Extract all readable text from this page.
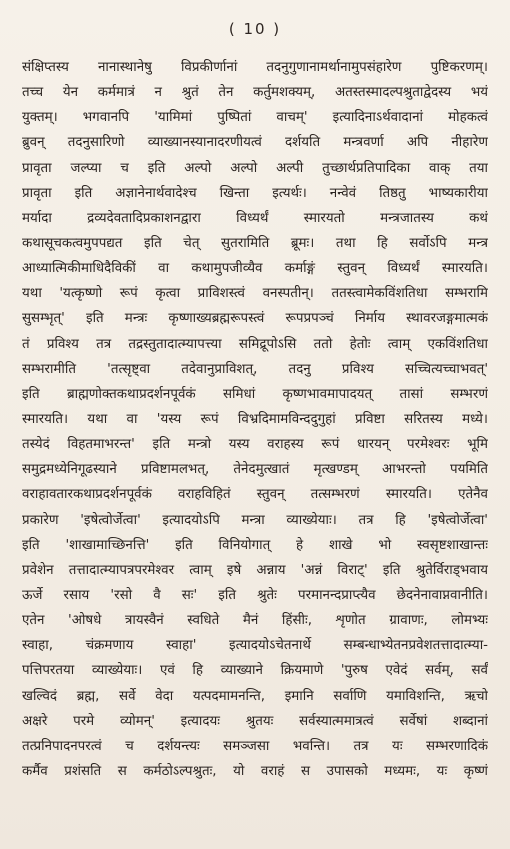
( 10 )
संक्षिप्तस्य नानास्थानेषु विप्रकीर्णानां तदनुगुणानामर्थानामुपसंहारेण पुष्टिकरणम्।
तच्च येन कर्ममात्रं न श्रुतं तेन कर्तुमशक्यम्, अतस्तस्मादल्पश्रुताद्वेदस्य भयं
युक्तम्। भगवानपि 'यामिमां पुष्पितां वाचम्' इत्यादिनाऽर्थवादानां मोहकत्वं
ब्रुवन् तदनुसारिणो व्याख्यानस्यानादरणीयत्वं दर्शयति मन्त्रवर्णा अपि नीहारेण
प्रावृता जल्प्या च इति अल्पो अल्पो अल्पी तुच्छार्थप्रतिपादिका वाक् तया
प्रावृता इति अज्ञानेनार्थवादेश्च खिन्ता इत्यर्थः। नन्वेवं तिष्ठतु भाष्यकारीया
मर्यादा द्रव्यदेवतादिप्रकाशनद्वारा विध्यर्थं स्मारयतो मन्त्रजातस्य कथं
कथासूचकत्वमुपपद्यत इति चेत् सुतरामिति ब्रूमः। तथा हि सर्वोऽपि मन्त्र
आध्यात्मिकीमाधिदैविकीं वा कथामुपजीव्यैव कर्माङ्गं स्तुवन् विध्यर्थं स्मारयति।
यथा 'यत्कृष्णो रूपं कृत्वा प्राविशस्त्वं वनस्पतीन्। ततस्त्वामेकविंशतिधा सम्भरामि
सुसम्भृत्' इति मन्त्रः कृष्णाख्यब्रह्मरूपस्त्वं रूपप्रपञ्चं निर्माय स्थावरजङ्गमात्मकं
तं प्रविश्य तत्र तद्रस्तुतादात्म्यापत्त्या समिद्रूपोऽसि ततो हेतोः त्वाम् एकविंशतिधा
सम्भरामीति 'तत्सृष्ट्वा तदेवानुप्राविशत्, तदनु प्रविश्य सच्चित्यच्चाभवत्'
इति ब्राह्मणोक्तकथाप्रदर्शनपूर्वकं समिधां कृष्णभावमापादयत् तासां सम्भरणं
स्मारयति। यथा वा 'यस्य रूपं विभ्रदिमामविन्ददुगुहां प्रविष्टा सरितस्य मध्ये।
तस्येदं विहतमाभरन्त' इति मन्त्रो यस्य वराहस्य रूपं धारयन् परमेश्वरः भूमि
समुद्रमध्येनिगूढस्याने प्रविष्टामलभत्, तेनेदमुत्खातं मृत्खण्डम् आभरन्तो पयमिति
वराहावतारकथाप्रदर्शनपूर्वकं वराहविहितं स्तुवन् तत्सम्भरणं स्मारयति। एतेनैव
प्रकारेण 'इषेत्वोर्जेत्वा' इत्यादयोऽपि मन्त्रा व्याख्येयाः। तत्र हि 'इषेत्वोर्जेत्वा'
इति 'शाखामाच्छिनत्ति' इति विनियोगात् हे शाखे भो स्वसृष्टशाखान्तः
प्रवेशेन तत्तादात्म्यापत्रपरमेश्वर त्वाम् इषे अन्नाय 'अन्नं विराट्' इति श्रुतेर्विराड्भवाय
ऊर्जे रसाय 'रसो वै सः' इति श्रुतेः परमानन्दप्राप्त्यैव छेदनेनावाप्नवानीति।
एतेन 'ओषधे त्रायस्वैनं स्वधिते मैनं हिंसीः, शृणोत ग्रावाणः, लोमभ्यः
स्वाहा, चंक्रमणाय स्वाहा' इत्यादयोऽचेतनार्थे सम्बन्धाभ्येतनप्रवेशतत्तादात्म्या-
पत्तिपरतया व्याख्येयाः। एवं हि व्याख्याने क्रियमाणे 'पुरुष एवेदं सर्वम्, सर्वं
खल्विदं ब्रह्म, सर्वे वेदा यत्पदमामनन्ति, इमानि सर्वाणि यमाविशन्ति, ऋचो
अक्षरे परमे व्योमन्' इत्यादयः श्रुतयः सर्वस्यात्ममात्रत्वं सर्वेषां शब्दानां
तत्प्रनिपादनपरत्वं च दर्शयन्त्यः समञ्जसा भवन्ति। तत्र यः सम्भरणादिकं
कर्मैव प्रशंसति स कर्मठोऽल्पश्रुतः, यो वराहं स उपासको मध्यमः, यः कृष्णं
